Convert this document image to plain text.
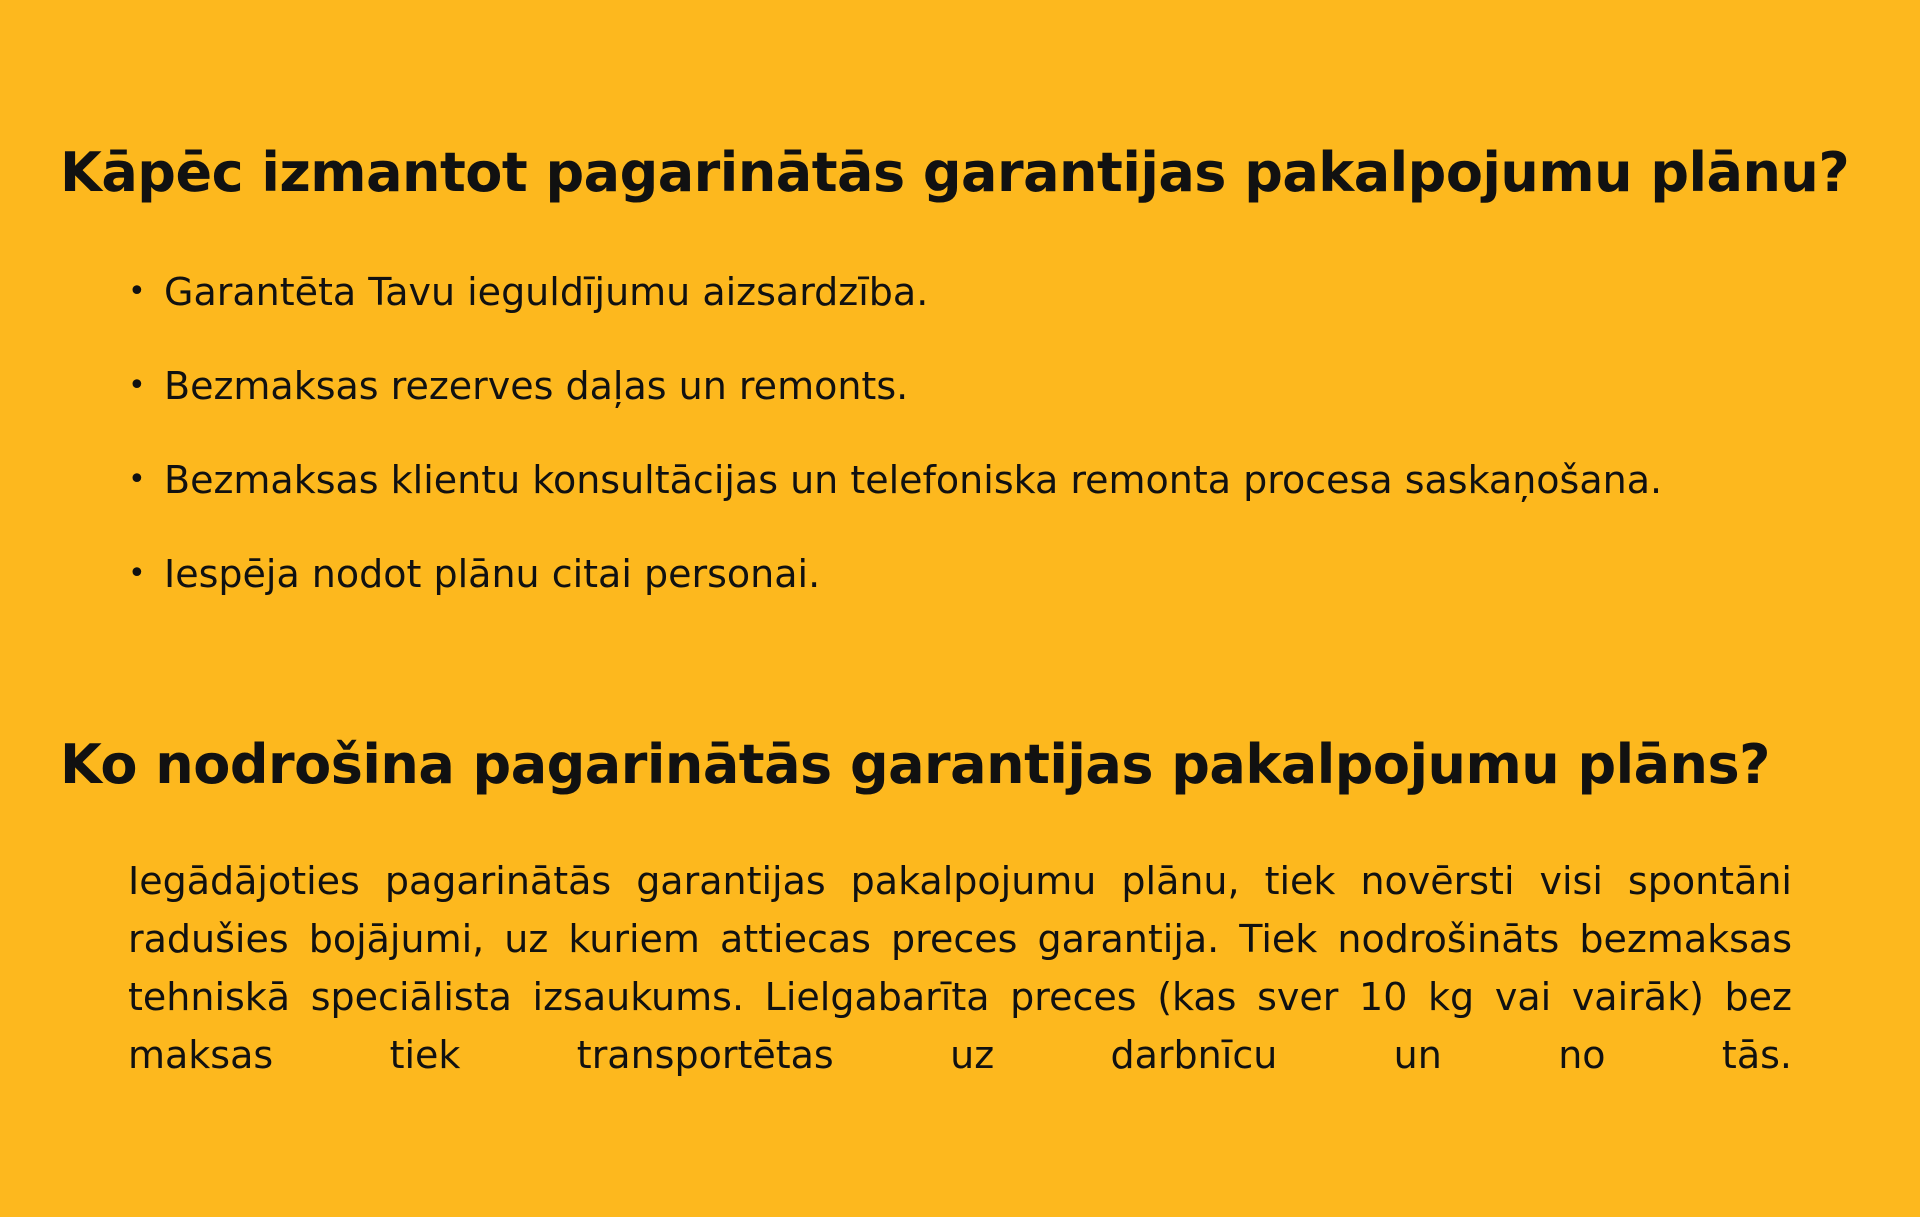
Kāpēc izmantot pagarinātās garantijas pakalpojumu plānu?
• Garantēta Tavu ieguldījumu aizsardzība.
• Bezmaksas rezerves daļas un remonts.
• Bezmaksas klientu konsultācijas un telefoniska remonta procesa saskaņošana.
• Iespēja nodot plānu citai personai.
Ko nodrošina pagarinātās garantijas pakalpojumu plāns?

Iegādājoties pagarinātās garantijas pakalpojumu plānu, tiek novērsti visi spontāni radušies bojājumi, uz kuriem attiecas preces garantija. Tiek nodrošināts bezmaksas tehniskā speciālista izsaukums. Lielgabarīta preces (kas sver 10 kg vai vairāk) bez maksas tiek transportētas uz darbnīcu un no tās.
